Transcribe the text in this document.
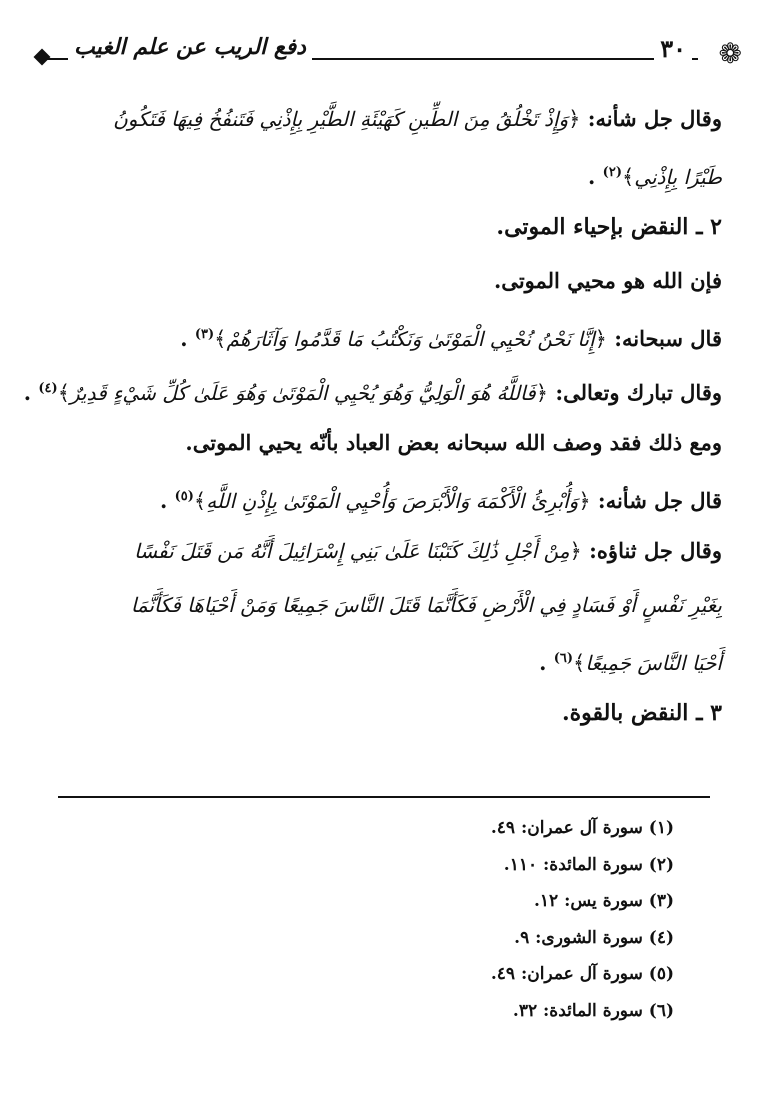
دفع الريب عن علم الغيب	٣٠ ❁
وقال جل شأنه: ﴿وَإِذْ تَخْلُقُ مِنَ الطِّينِ كَهَيْئَةِ الطَّيْرِ بِإِذْنِي فَتَنفُخُ فِيهَا فَتَكُونُ
طَيْرًا بِإِذْنِي﴾$^{(٢)}$ .
٢ ـ النقض بإحياء الموتى.
فإن الله هو محيي الموتى.
قال سبحانه: ﴿إِنَّا نَحْنُ نُحْيِي الْمَوْتَىٰ وَنَكْتُبُ مَا قَدَّمُوا وَآثَارَهُمْ﴾$^{(٣)}$ .
وقال تبارك وتعالى: ﴿فَاللَّهُ هُوَ الْوَلِيُّ وَهُوَ يُحْيِي الْمَوْتَىٰ وَهُوَ عَلَىٰ كُلِّ شَيْءٍ قَدِيرٌ﴾$^{(٤)}$ .
ومع ذلك فقد وصف الله سبحانه بعض العباد بأنّه يحيي الموتى.
قال جل شأنه: ﴿وَأُبْرِئُ الْأَكْمَهَ وَالْأَبْرَصَ وَأُحْيِي الْمَوْتَىٰ بِإِذْنِ اللَّهِ﴾$^{(٥)}$ .
وقال جل ثناؤه: ﴿مِنْ أَجْلِ ذَٰلِكَ كَتَبْنَا عَلَىٰ بَنِي إِسْرَائِيلَ أَنَّهُ مَن قَتَلَ نَفْسًا
بِغَيْرِ نَفْسٍ أَوْ فَسَادٍ فِي الْأَرْضِ فَكَأَنَّمَا قَتَلَ النَّاسَ جَمِيعًا وَمَنْ أَحْيَاهَا فَكَأَنَّمَا
أَحْيَا النَّاسَ جَمِيعًا﴾$^{(٦)}$ .
٣ ـ النقض بالقوة.
(١) سورة آل عمران: ٤٩.
(٢) سورة المائدة: ١١٠.
(٣) سورة يس: ١٢.
(٤) سورة الشورى: ٩.
(٥) سورة آل عمران: ٤٩.
(٦) سورة المائدة: ٣٢.
